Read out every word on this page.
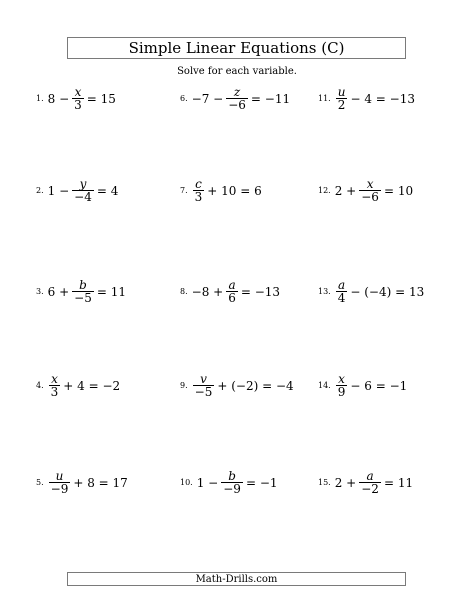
Simple Linear Equations (C)
Solve for each variable.
1. $8 - \frac{x}{3} = 15$
2. $1 - \frac{y}{-4} = 4$
3. $6 + \frac{b}{-5} = 11$
4. $\frac{x}{3} + 4 = -2$
5. $\frac{u}{-9} + 8 = 17$
6. $-7 - \frac{z}{-6} = -11$
7. $\frac{c}{3} + 10 = 6$
8. $-8 + \frac{a}{6} = -13$
9. $\frac{v}{-5} + (-2) = -4$
10. $1 - \frac{b}{-9} = -1$
11. $\frac{u}{2} - 4 = -13$
12. $2 + \frac{x}{-6} = 10$
13. $\frac{a}{4} - (-4) = 13$
14. $\frac{x}{9} - 6 = -1$
15. $2 + \frac{a}{-2} = 11$
Math-Drills.com
